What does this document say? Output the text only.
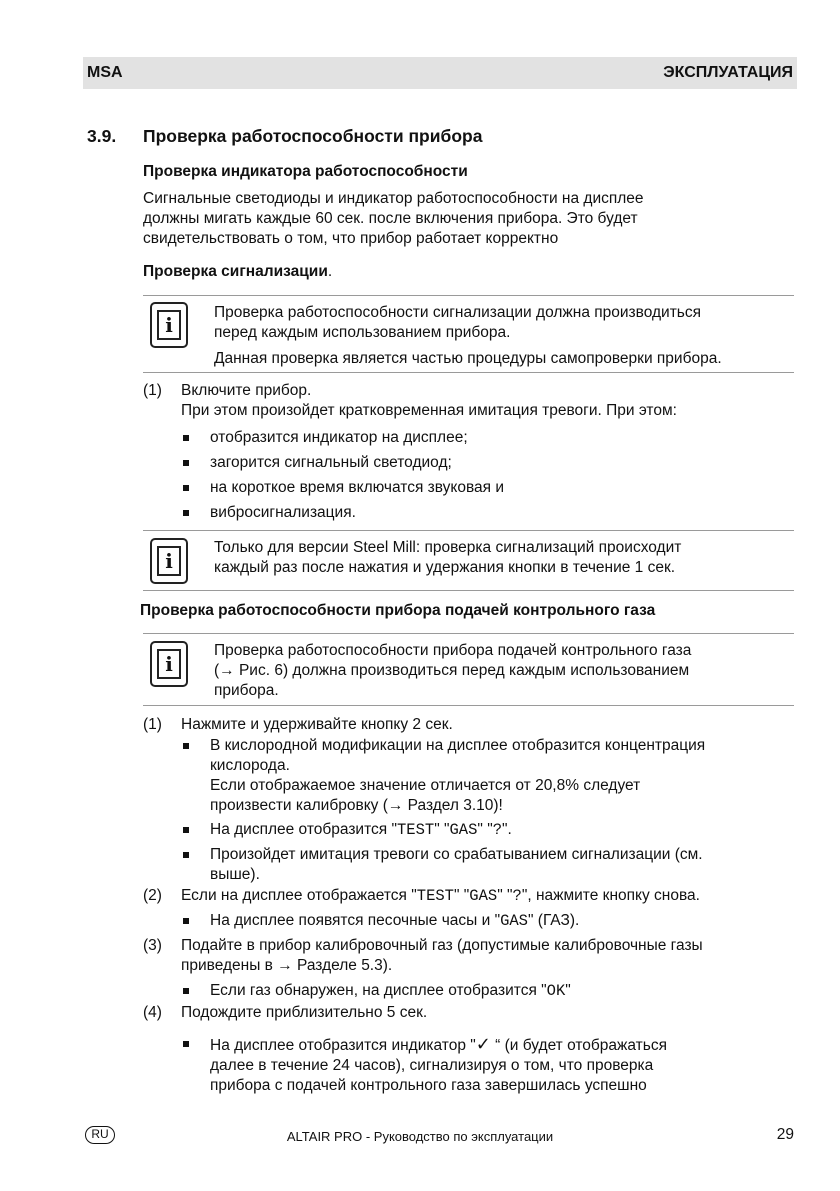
MSA	ЭКСПЛУАТАЦИЯ
3.9. Проверка работоспособности прибора
Проверка индикатора работоспособности
Сигнальные светодиоды и индикатор работоспособности на дисплее
должны мигать каждые 60 сек. после включения прибора. Это будет
свидетельствовать о том, что прибор работает корректно
Проверка сигнализации.
i
Проверка работоспособности сигнализации должна производиться
перед каждым использованием прибора.
Данная проверка является частью процедуры самопроверки прибора.
(1)	Включите прибор.
При этом произойдет кратковременная имитация тревоги. При этом:
отобразится индикатор на дисплее;
загорится сигнальный светодиод;
на короткое время включатся звуковая и
вибросигнализация.
i
Только для версии Steel Mill: проверка сигнализаций происходит
каждый раз после нажатия и удержания кнопки в течение 1 сек.
Проверка работоспособности прибора подачей контрольного газа
i
Проверка работоспособности прибора подачей контрольного газа
(→ Рис. 6) должна производиться перед каждым использованием
прибора.
(1)	Нажмите и удерживайте кнопку 2 сек.
В кислородной модификации на дисплее отобразится концентрация
кислорода.
Если отображаемое значение отличается от 20,8% следует
произвести калибровку (→ Раздел 3.10)!
На дисплее отобразится "TEST" "GAS" "?".
Произойдет имитация тревоги со срабатыванием сигнализации (см.
выше).
(2)	Если на дисплее отображается "TEST" "GAS" "?", нажмите кнопку снова.
На дисплее появятся песочные часы и "GAS" (ГАЗ).
(3)	Подайте в прибор калибровочный газ (допустимые калибровочные газы
приведены в → Разделе 5.3).
Если газ обнаружен, на дисплее отобразится "OK"
(4)	Подождите приблизительно 5 сек.
На дисплее отобразится индикатор "✓ “ (и будет отображаться
далее в течение 24 часов), сигнализируя о том, что проверка
прибора с подачей контрольного газа завершилась успешно
RU	ALTAIR PRO - Руководство по эксплуатации	29
